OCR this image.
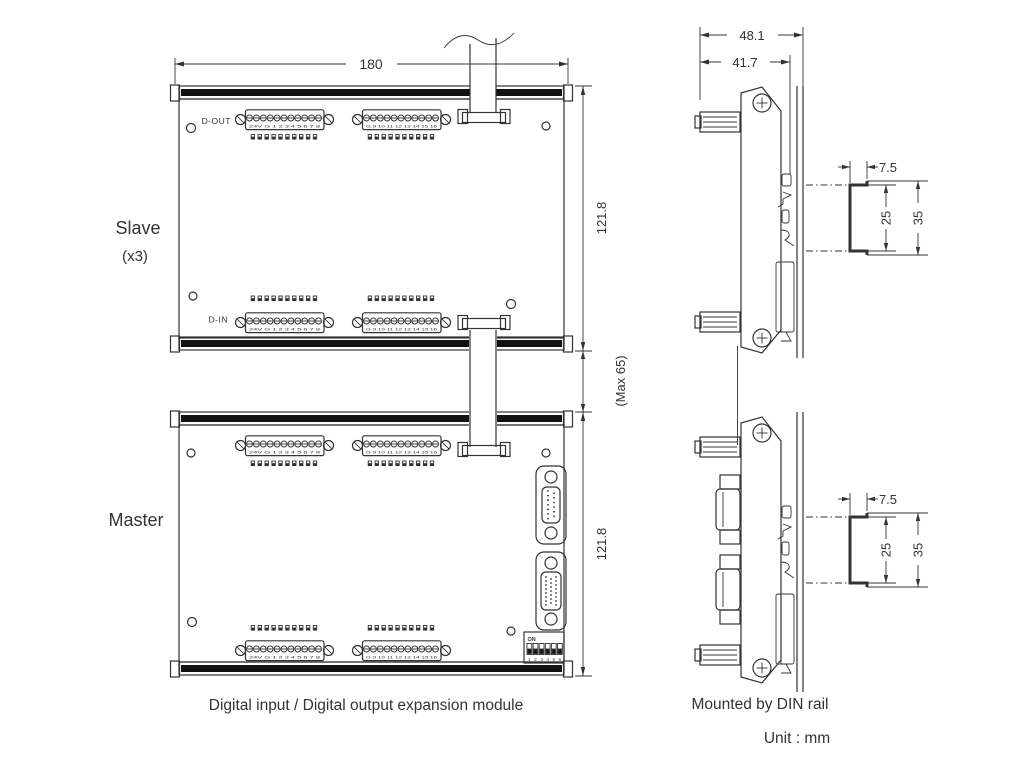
25	35
24V G 1 2 3 4 5 6 7 8	G 9 10 11 12 13 14 15 16
24V G 1 2 3 4 5 6 7 8	G 9 10 11 12 13 14 15 16
24V G 1 2 3 4 5 6 7 8	G 9 10 11 12 13 14 15 16
24V G 1 2 3 4 5 6 7 8	G 9 10 11 12 13 14 15 16
ON
1 2 3 4 5 6
D-OUT
D-IN
Slave
(x3)
Master
180
121.8
(Max 65)
121.8
Digital input / Digital output expansion module
48.1
41.7
Mounted by DIN rail
Unit : mm
